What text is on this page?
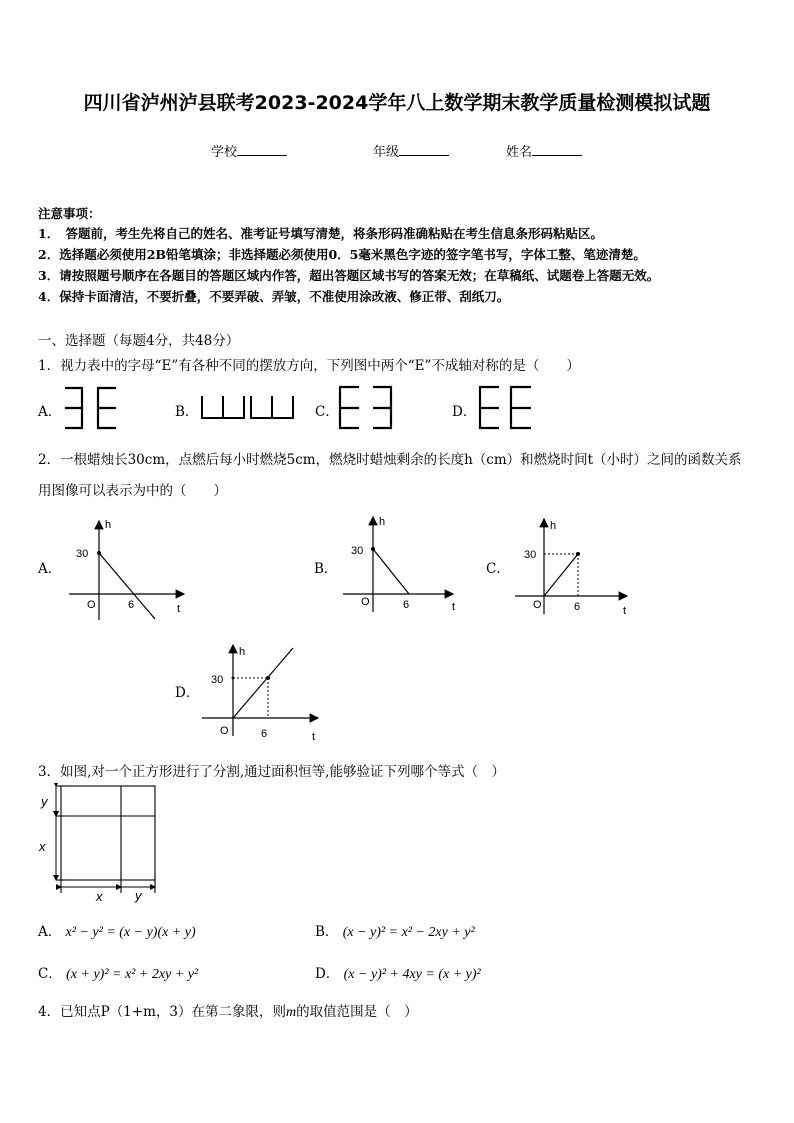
四川省泸州泸县联考2023-2024学年八上数学期末教学质量检测模拟试题
学校	年级	姓名
注意事项：
1．　答题前，考生先将自己的姓名、准考证号填写清楚，将条形码准确粘贴在考生信息条形码粘贴区。
2．选择题必须使用2B铅笔填涂；非选择题必须使用0．5毫米黑色字迹的签字笔书写，字体工整、笔迹清楚。
3．请按照题号顺序在各题目的答题区域内作答，超出答题区域书写的答案无效；在草稿纸、试题卷上答题无效。
4．保持卡面清洁，不要折叠，不要弄破、弄皱，不准使用涂改液、修正带、刮纸刀。
一、选择题（每题4分，共48分）
1．视力表中的字母“E”有各种不同的摆放方向，下列图中两个“E”不成轴对称的是（　　）
A．	B．	C．	D．
2．一根蜡烛长30cm，点燃后每小时燃烧5cm，燃烧时蜡烛剩余的长度h（cm）和燃烧时间t（小时）之间的函数关系
用图像可以表示为中的（　　）
A．
h
30
O	6	t
B．
h
30
O	6	t
C．
h
30
O	6	t
D．
h
30
O	6	t
3．如图,对一个正方形进行了分割,通过面积恒等,能够验证下列哪个等式（　）
y
x
x	y
A． x² − y² = (x − y)(x + y)	B． (x − y)² = x² − 2xy + y²
C． (x + y)² = x² + 2xy + y²	D． (x − y)² + 4xy = (x + y)²
4．已知点P（1+m，3）在第二象限，则m的取值范围是（　）
